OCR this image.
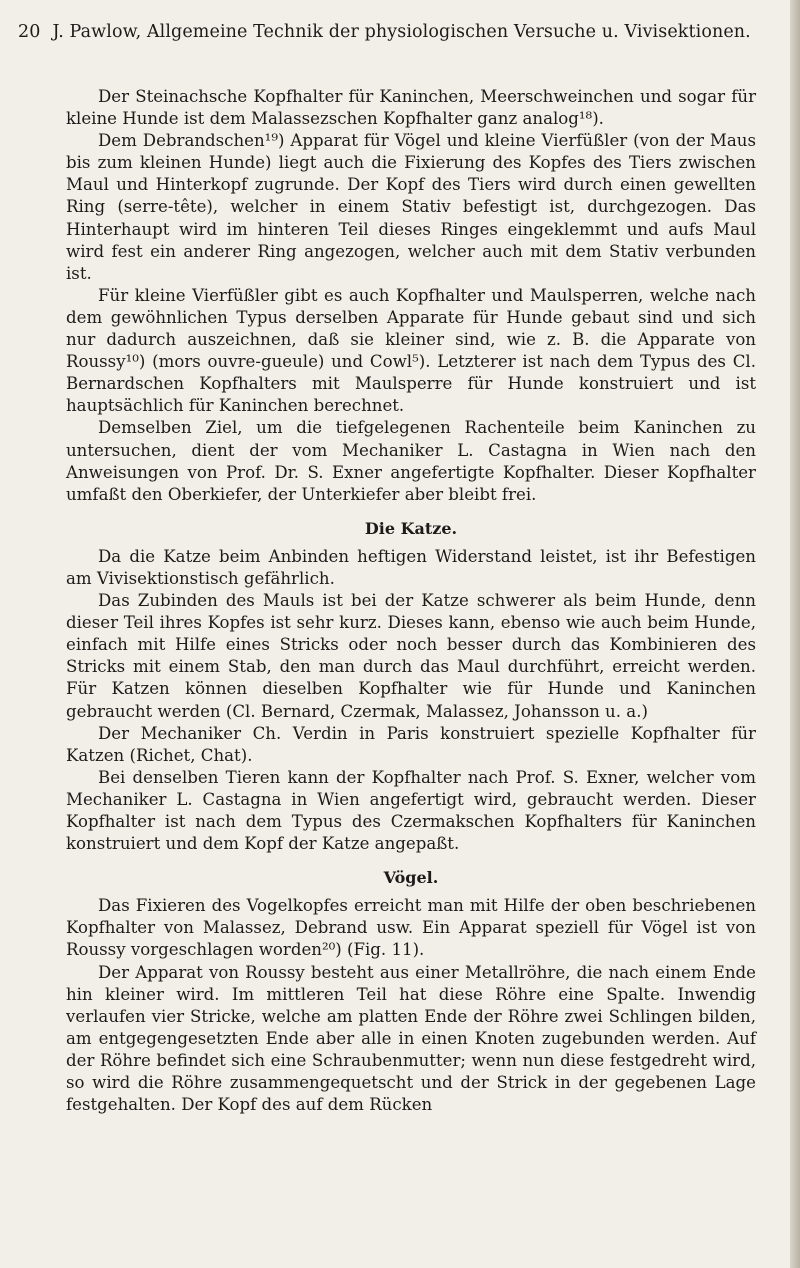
20 J. Pawlow, Allgemeine Technik der physiologischen Versuche u. Vivisektionen.

Der Steinachsche Kopfhalter für Kaninchen, Meerschweinchen und sogar für kleine Hunde ist dem Malassezschen Kopfhalter ganz analog¹⁸).

Dem Debrandschen¹⁹) Apparat für Vögel und kleine Vierfüßler (von der Maus bis zum kleinen Hunde) liegt auch die Fixierung des Kopfes des Tiers zwischen Maul und Hinterkopf zugrunde. Der Kopf des Tiers wird durch einen gewellten Ring (serre-tête), welcher in einem Stativ befestigt ist, durchgezogen. Das Hinterhaupt wird im hinteren Teil dieses Ringes eingeklemmt und aufs Maul wird fest ein anderer Ring angezogen, welcher auch mit dem Stativ verbunden ist.

Für kleine Vierfüßler gibt es auch Kopfhalter und Maulsperren, welche nach dem gewöhnlichen Typus derselben Apparate für Hunde gebaut sind und sich nur dadurch auszeichnen, daß sie kleiner sind, wie z. B. die Apparate von Roussy¹⁰) (mors ouvre-gueule) und Cowl⁵). Letzterer ist nach dem Typus des Cl. Bernardschen Kopfhalters mit Maulsperre für Hunde konstruiert und ist hauptsächlich für Kaninchen berechnet.

Demselben Ziel, um die tiefgelegenen Rachenteile beim Kaninchen zu untersuchen, dient der vom Mechaniker L. Castagna in Wien nach den Anweisungen von Prof. Dr. S. Exner angefertigte Kopfhalter. Dieser Kopfhalter umfaßt den Oberkiefer, der Unterkiefer aber bleibt frei.

Die Katze.

Da die Katze beim Anbinden heftigen Widerstand leistet, ist ihr Befestigen am Vivisektionstisch gefährlich.

Das Zubinden des Mauls ist bei der Katze schwerer als beim Hunde, denn dieser Teil ihres Kopfes ist sehr kurz. Dieses kann, ebenso wie auch beim Hunde, einfach mit Hilfe eines Stricks oder noch besser durch das Kombinieren des Stricks mit einem Stab, den man durch das Maul durchführt, erreicht werden. Für Katzen können dieselben Kopfhalter wie für Hunde und Kaninchen gebraucht werden (Cl. Bernard, Czermak, Malassez, Johansson u. a.)

Der Mechaniker Ch. Verdin in Paris konstruiert spezielle Kopfhalter für Katzen (Richet, Chat).

Bei denselben Tieren kann der Kopfhalter nach Prof. S. Exner, welcher vom Mechaniker L. Castagna in Wien angefertigt wird, gebraucht werden. Dieser Kopfhalter ist nach dem Typus des Czermakschen Kopfhalters für Kaninchen konstruiert und dem Kopf der Katze angepaßt.

Vögel.

Das Fixieren des Vogelkopfes erreicht man mit Hilfe der oben beschriebenen Kopfhalter von Malassez, Debrand usw. Ein Apparat speziell für Vögel ist von Roussy vorgeschlagen worden²⁰) (Fig. 11).

Der Apparat von Roussy besteht aus einer Metallröhre, die nach einem Ende hin kleiner wird. Im mittleren Teil hat diese Röhre eine Spalte. Inwendig verlaufen vier Stricke, welche am platten Ende der Röhre zwei Schlingen bilden, am entgegengesetzten Ende aber alle in einen Knoten zugebunden werden. Auf der Röhre befindet sich eine Schraubenmutter; wenn nun diese festgedreht wird, so wird die Röhre zusammengequetscht und der Strick in der gegebenen Lage festgehalten. Der Kopf des auf dem Rücken
